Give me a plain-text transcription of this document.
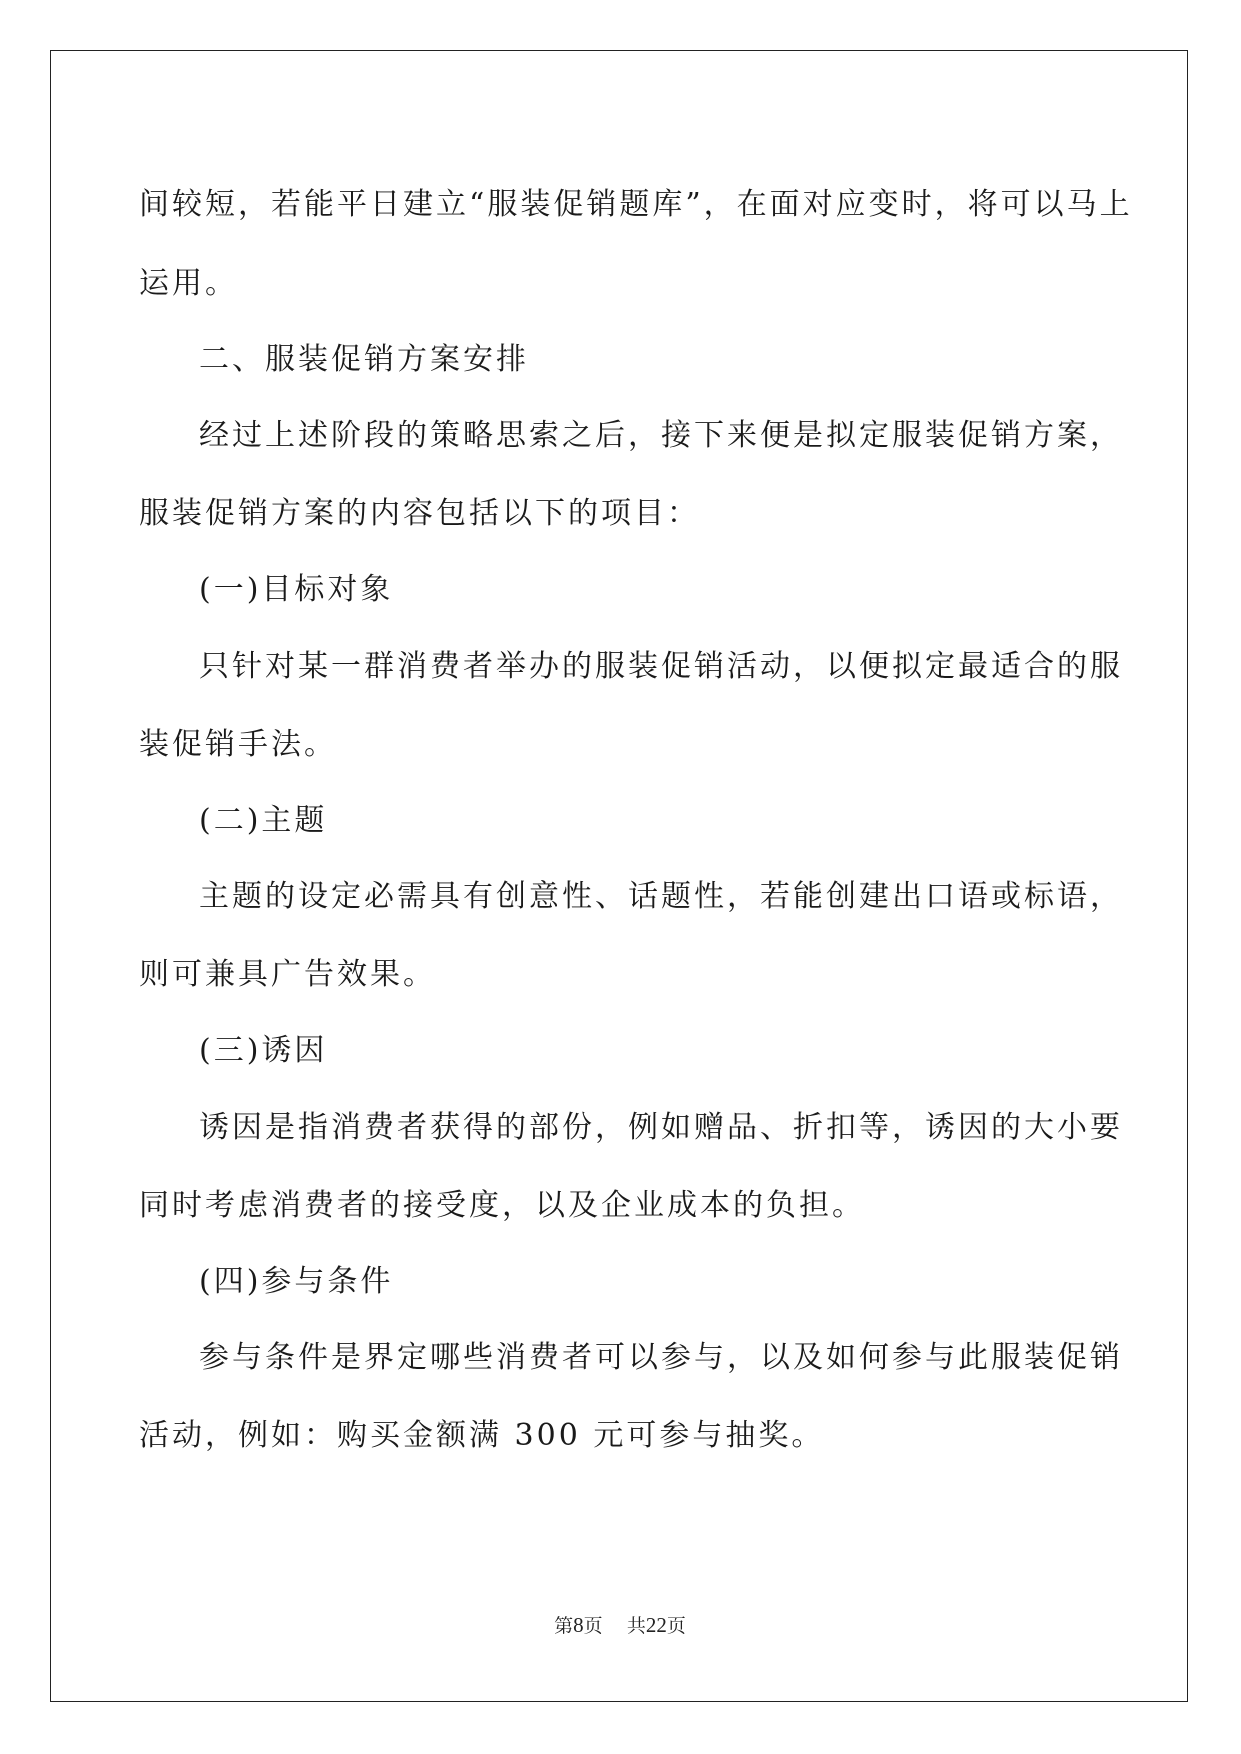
间较短，若能平日建立“服装促销题库”，在面对应变时，将可以马上

运用。

二、服装促销方案安排

经过上述阶段的策略思索之后，接下来便是拟定服装促销方案，

服装促销方案的内容包括以下的项目：

(一)目标对象

只针对某一群消费者举办的服装促销活动，以便拟定最适合的服

装促销手法。

(二)主题

主题的设定必需具有创意性、话题性，若能创建出口语或标语，

则可兼具广告效果。

(三)诱因

诱因是指消费者获得的部份，例如赠品、折扣等，诱因的大小要

同时考虑消费者的接受度，以及企业成本的负担。

(四)参与条件

参与条件是界定哪些消费者可以参与，以及如何参与此服装促销

活动，例如：购买金额满 300 元可参与抽奖。

第8页 共22页
